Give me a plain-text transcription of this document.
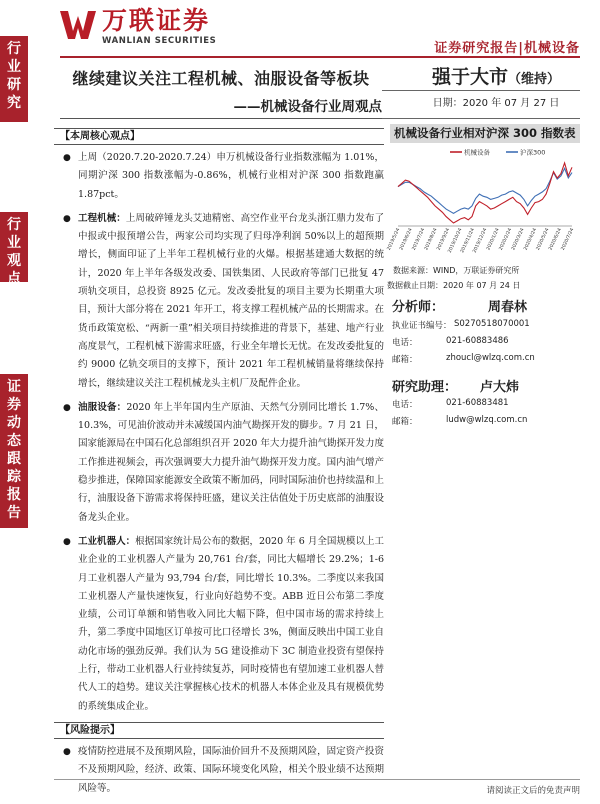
万联证券
WANLIAN SECURITIES	证券研究报告|机械设备
行
业
研
究
行
业
观
点
证
券
动
态
跟
踪
报
告
继续建议关注工程机械、油服设备等板块
——机械设备行业周观点
强于大市（维持）
日期：2020 年 07 月 27 日
机械设备行业相对沪深 300 指数表
机械设备	沪深300
2019/5/24
2019/6/24
2019/7/24
2019/8/24
2019/9/24
2019/10/24
2019/11/24
2019/12/24
2020/1/24
2020/2/24
2020/3/24
2020/4/24
2020/5/24
2020/6/24
2020/7/24
数据来源：WIND，万联证券研究所
数据截止日期：2020 年 07 月 24 日
分析师：	周春林
执业证书编号： S0270518070001
电话：	021-60883486
邮箱：	zhoucl@wlzq.com.cn
研究助理： 卢大炜
电话：	021-60883481
邮箱：	ludw@wlzq.com.cn
【本周核心观点】
● 上周（2020.7.20-2020.7.24）申万机械设备行业指数涨幅为 1.01%，同期沪深 300 指数涨幅为-0.86%，机械行业相对沪深 300 指数跑赢 1.87pct。
● 工程机械：上周破碎锤龙头艾迪精密、高空作业平台龙头浙江鼎力发布了中报或中报预增公告，两家公司均实现了归母净利润 50%以上的超预期增长，侧面印证了上半年工程机械行业的火爆。根据基建通大数据的统计，2020 年上半年各级发改委、国铁集团、人民政府等部门已批复 47 项轨交项目，总投资 8925 亿元。发改委批复的项目主要为长期重大项目，预计大部分将在 2021 年开工，将支撑工程机械产品的长期需求。在货币政策宽松、“两新一重”相关项目持续推进的背景下，基建、地产行业高度景气，工程机械下游需求旺盛，行业全年增长无忧。在发改委批复的约 9000 亿轨交项目的支撑下，预计 2021 年工程机械销量将继续保持增长，继续建议关注工程机械龙头主机厂及配件企业。
● 油服设备：2020 年上半年国内生产原油、天然气分别同比增长 1.7%、10.3%，可见油价波动并未减缓国内油气勘探开发的脚步。7 月 21 日，国家能源局在中国石化总部组织召开 2020 年大力提升油气勘探开发力度工作推进视频会，再次强调要大力提升油气勘探开发力度。国内油气增产稳步推进，保障国家能源安全政策不断加码，同时国际油价也持续温和上行，油服设备下游需求将保持旺盛，建议关注估值处于历史底部的油服设备龙头企业。
● 工业机器人：根据国家统计局公布的数据，2020 年 6 月全国规模以上工业企业的工业机器人产量为 20,761 台/套，同比大幅增长 29.2%；1-6 月工业机器人产量为 93,794 台/套，同比增长 10.3%。二季度以来我国工业机器人产量快速恢复，行业向好趋势不变。ABB 近日公布第二季度业绩，公司订单额和销售收入同比大幅下降，但中国市场的需求持续上升，第二季度中国地区订单按可比口径增长 3%，侧面反映出中国工业自动化市场的强劲反弹。我们认为 5G 建设推动下 3C 制造业投资有望保持上行，带动工业机器人行业持续复苏，同时疫情也有望加速工业机器人替代人工的趋势。建议关注掌握核心技术的机器人本体企业及具有规模优势的系统集成企业。
【风险提示】
● 疫情防控进展不及预期风险，国际油价回升不及预期风险，固定资产投资不及预期风险，经济、政策、国际环境变化风险，相关个股业绩不达预期风险等。	请阅读正文后的免责声明
